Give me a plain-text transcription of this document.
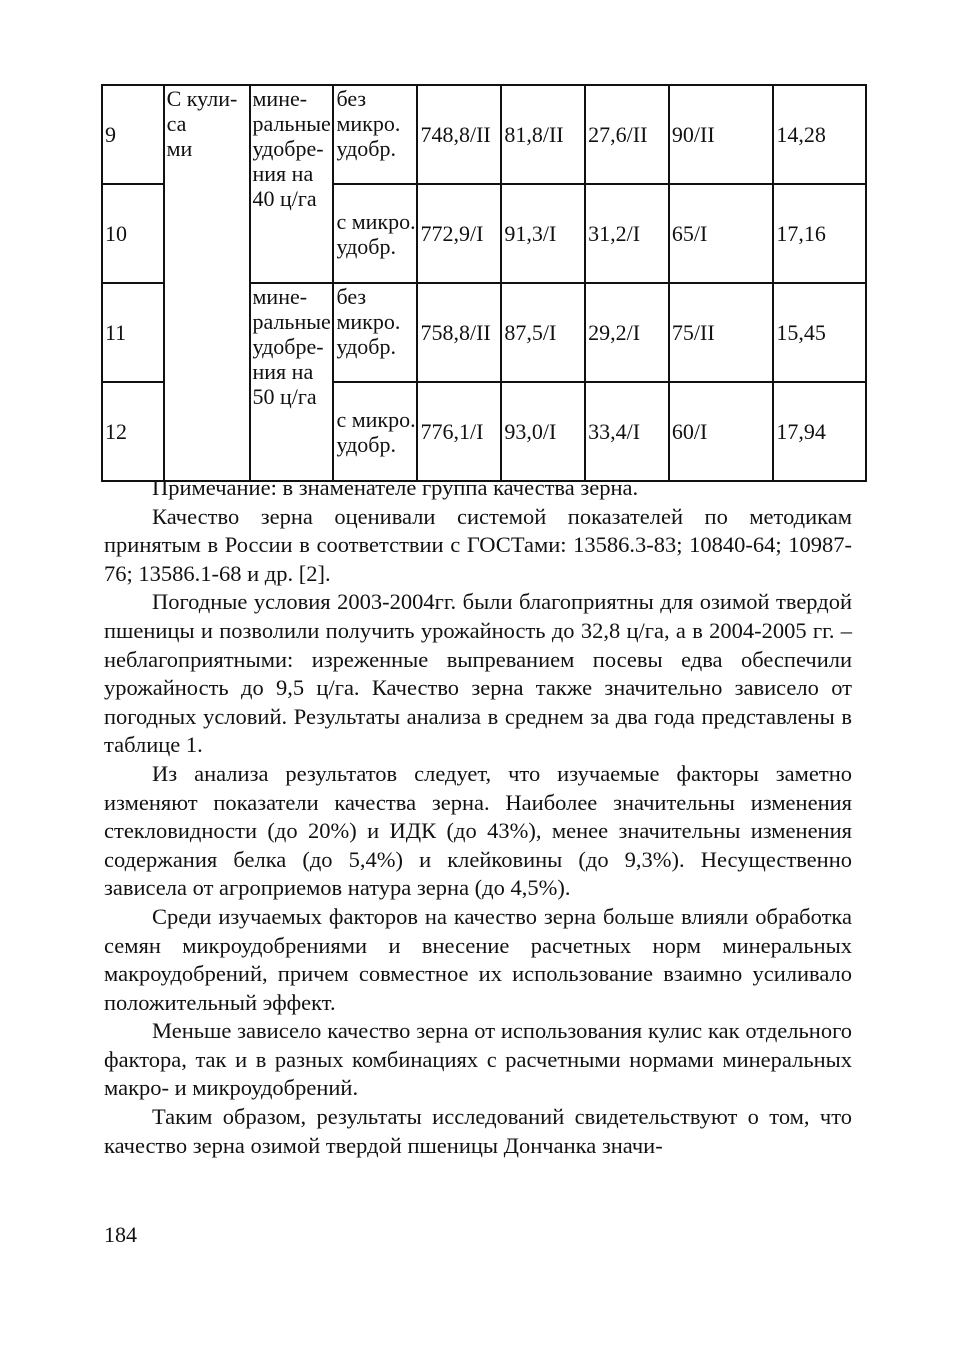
9	С кули-
са
ми	мине-
ральные
удобре-
ния на
40 ц/га	без
микро.
удобр.	748,8/II	81,8/II	27,6/II	90/II	14,28
10			с микро.
удобр.	772,9/I	91,3/I	31,2/I	65/I	17,16
11		мине-
ральные
удобре-
ния на
50 ц/га	без
микро.
удобр.	758,8/II	87,5/I	29,2/I	75/II	15,45
12			с микро.
удобр.	776,1/I	93,0/I	33,4/I	60/I	17,94

Примечание: в знаменателе группа качества зерна.

Качество зерна оценивали системой показателей по методикам принятым в России в соответствии с ГОСТами: 13586.3-83; 10840-64; 10987-76; 13586.1-68 и др. [2].

Погодные условия 2003-2004гг. были благоприятны для озимой твердой пшеницы и позволили получить урожайность до 32,8 ц/га, а в 2004-2005 гг. – неблагоприятными: изреженные выпреванием посевы едва обеспечили урожайность до 9,5 ц/га. Качество зерна также значительно зависело от погодных условий. Результаты анализа в среднем за два года представлены в таблице 1.

Из анализа результатов следует, что изучаемые факторы заметно изменяют показатели качества зерна. Наиболее значительны изменения стекловидности (до 20%) и ИДК (до 43%), менее значительны изменения содержания белка (до 5,4%) и клейковины (до 9,3%). Несущественно зависела от агроприемов натура зерна (до 4,5%).

Среди изучаемых факторов на качество зерна больше влияли обработка семян микроудобрениями и внесение расчетных норм минеральных макроудобрений, причем совместное их использование взаимно усиливало положительный эффект.

Меньше зависело качество зерна от использования кулис как отдельного фактора, так и в разных комбинациях с расчетными нормами минеральных макро- и микроудобрений.

Таким образом, результаты исследований свидетельствуют о том, что качество зерна озимой твердой пшеницы Дончанка значи-

184
